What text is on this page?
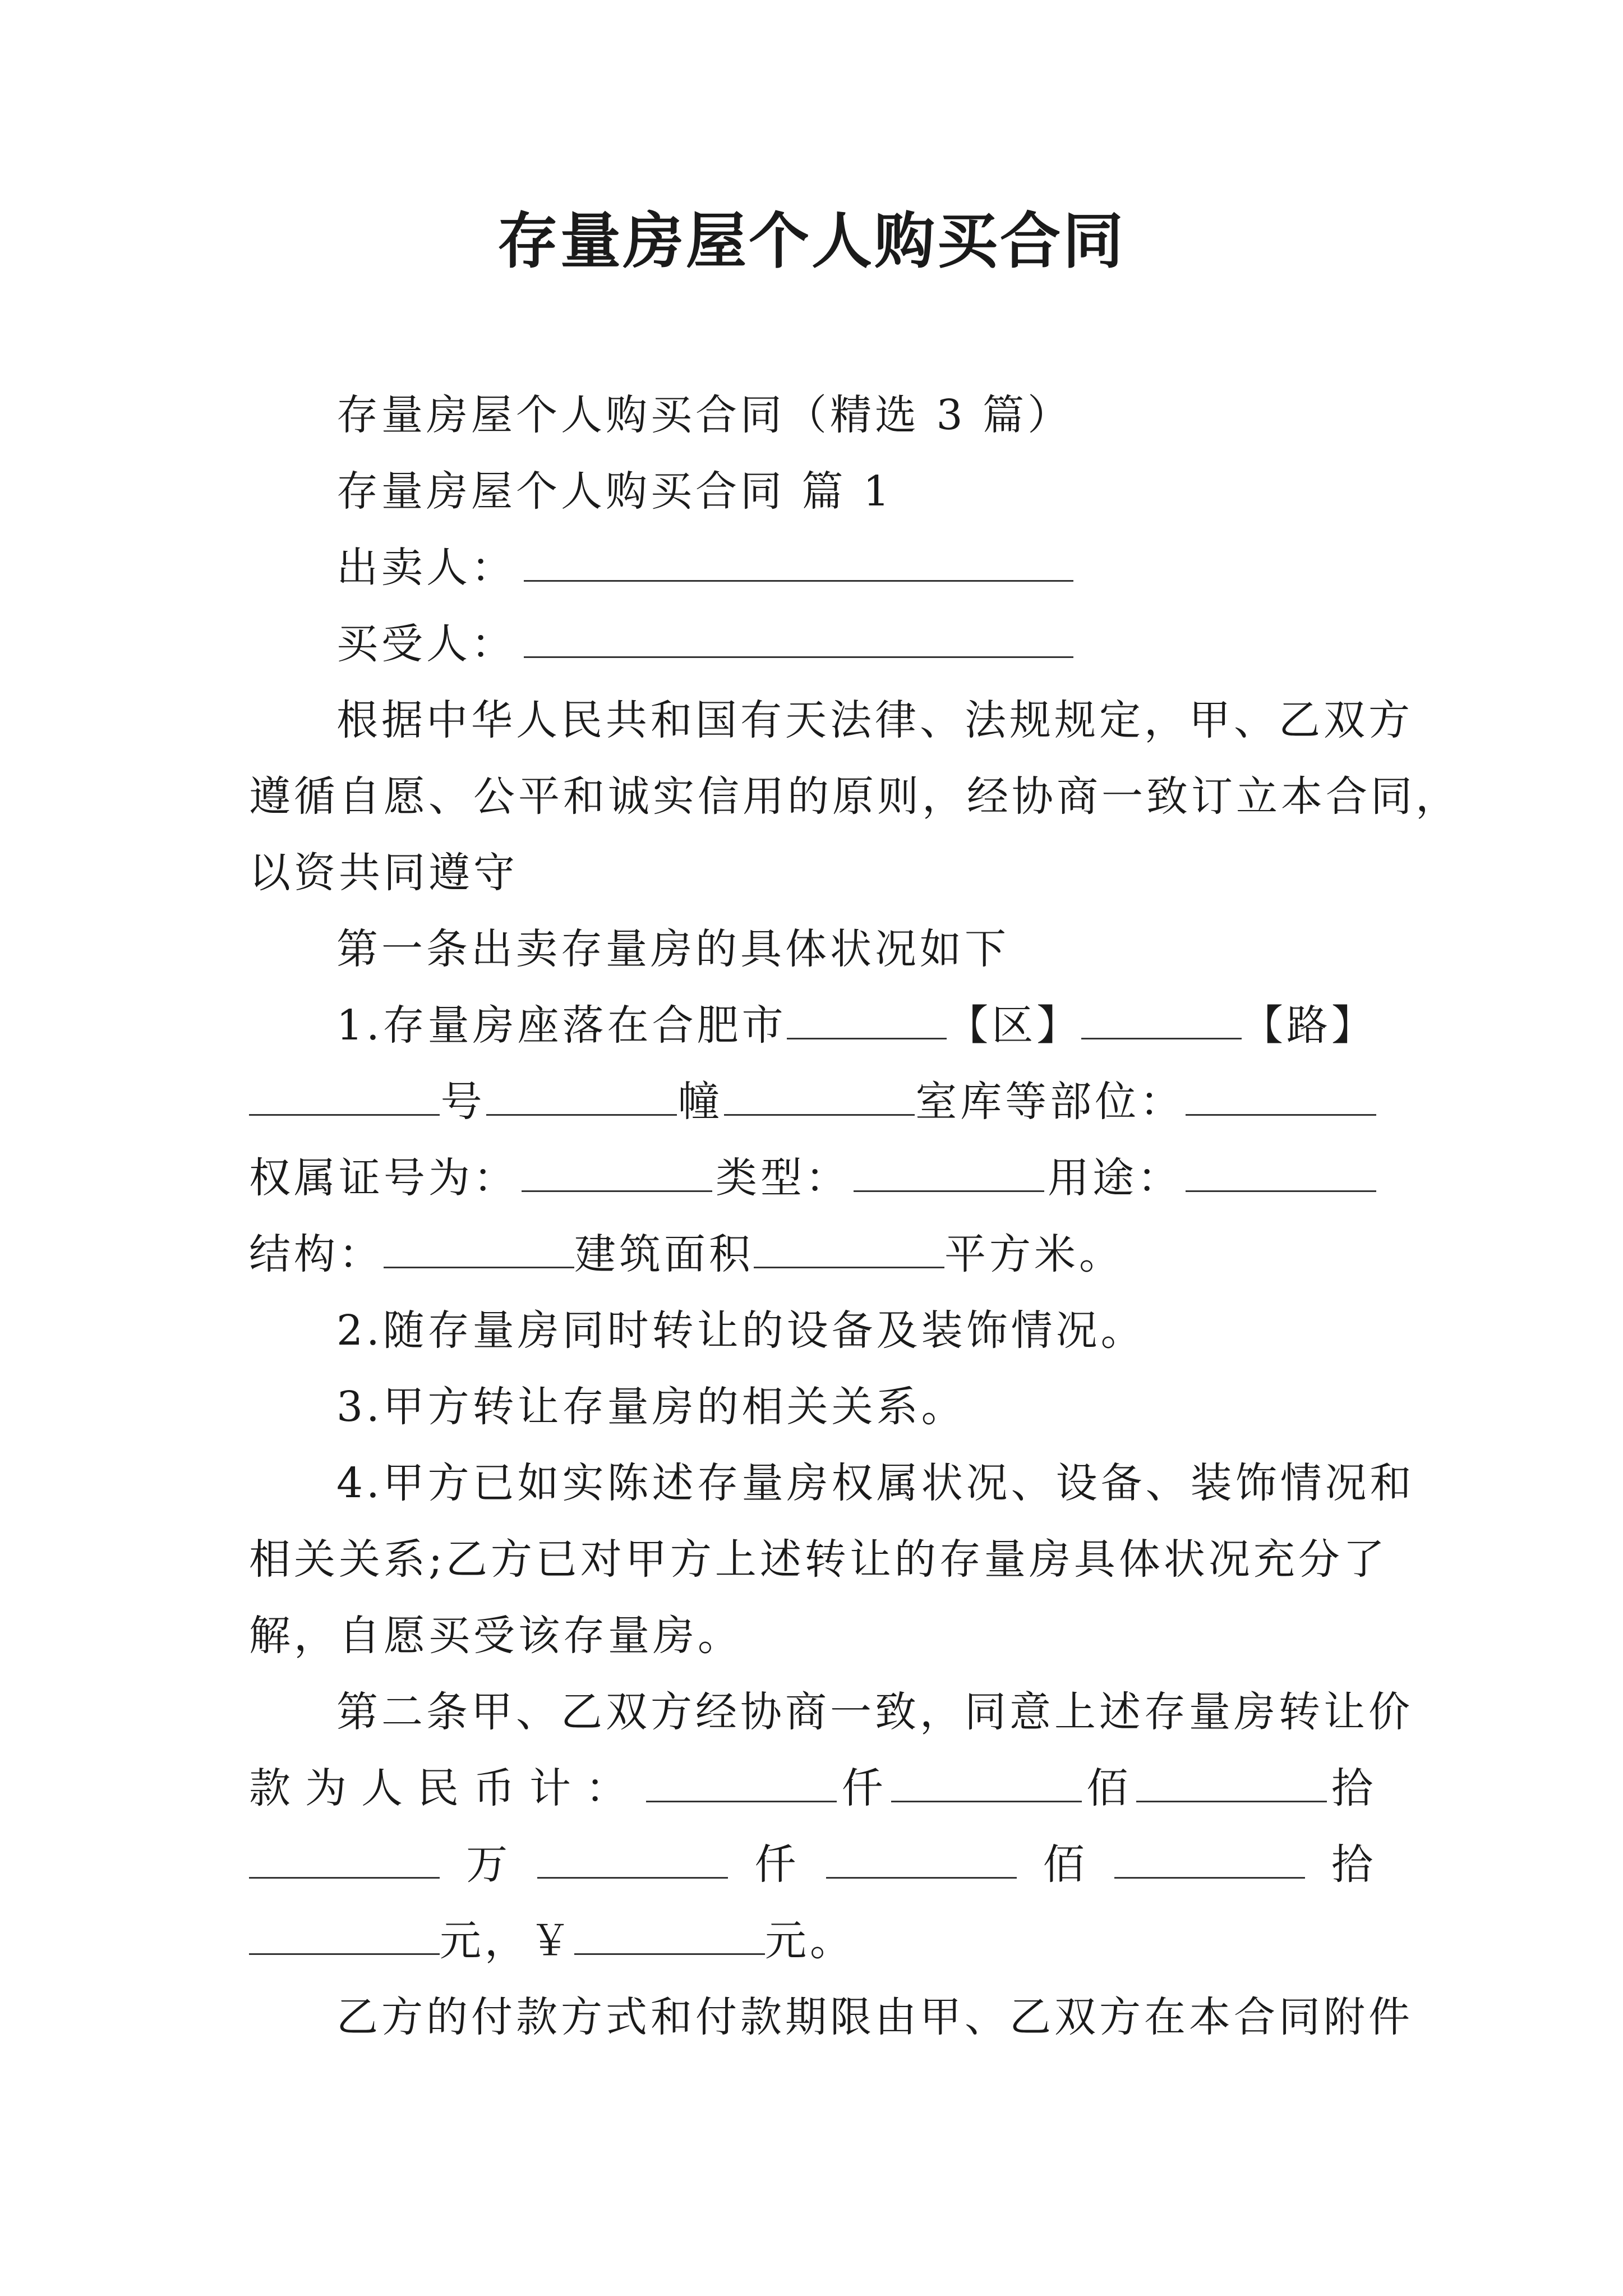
存量房屋个人购买合同
存量房屋个人购买合同（精选 3 篇）
存量房屋个人购买合同 篇 1
出卖人：
买受人：
根据中华人民共和国有天法律、法规规定，甲、乙双方
遵循自愿、公平和诚实信用的原则，经协商一致订立本合同，
以资共同遵守
第一条出卖存量房的具体状况如下
1.存量房座落在合肥市	【区】	【路】
号	幢	室库等部位：
权属证号为：	类型：	用途：
结构：	建筑面积	平方米。
2.随存量房同时转让的设备及装饰情况。
3.甲方转让存量房的相关关系。
4.甲方已如实陈述存量房权属状况、设备、装饰情况和
相关关系;乙方已对甲方上述转让的存量房具体状况充分了
解，自愿买受该存量房。
第二条甲、乙双方经协商一致，同意上述存量房转让价
款为人民币计：	仟	佰	拾
万	仟	佰	拾
元，￥	元。
乙方的付款方式和付款期限由甲、乙双方在本合同附件
